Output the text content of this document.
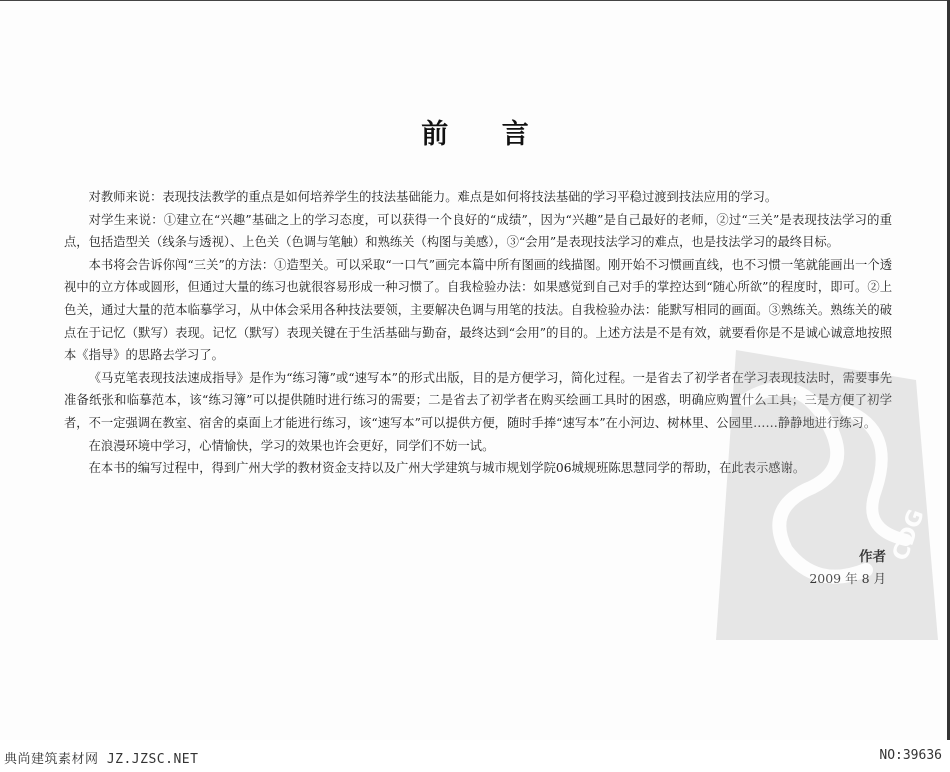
前 言

对教师来说：表现技法教学的重点是如何培养学生的技法基础能力。难点是如何将技法基础的学习平稳过渡到技法应用的学习。

对学生来说：①建立在“兴趣”基础之上的学习态度，可以获得一个良好的“成绩”，因为“兴趣”是自己最好的老师，②过“三关”是表现技法学习的重点，包括造型关（线条与透视）、上色关（色调与笔触）和熟练关（构图与美感），③“会用”是表现技法学习的难点，也是技法学习的最终目标。

本书将会告诉你闯“三关”的方法：①造型关。可以采取“一口气”画完本篇中所有图画的线描图。刚开始不习惯画直线，也不习惯一笔就能画出一个透视中的立方体或圆形，但通过大量的练习也就很容易形成一种习惯了。自我检验办法：如果感觉到自己对手的掌控达到“随心所欲”的程度时，即可。②上色关，通过大量的范本临摹学习，从中体会采用各种技法要领，主要解决色调与用笔的技法。自我检验办法：能默写相同的画面。③熟练关。熟练关的破点在于记忆（默写）表现。记忆（默写）表现关键在于生活基础与勤奋，最终达到“会用”的目的。上述方法是不是有效，就要看你是不是诚心诚意地按照本《指导》的思路去学习了。

《马克笔表现技法速成指导》是作为“练习簿”或“速写本”的形式出版，目的是方便学习，简化过程。一是省去了初学者在学习表现技法时，需要事先准备纸张和临摹范本，该“练习簿”可以提供随时进行练习的需要；二是省去了初学者在购买绘画工具时的困惑，明确应购置什么工具；三是方便了初学者，不一定强调在教室、宿舍的桌面上才能进行练习，该“速写本”可以提供方便，随时手捧“速写本”在小河边、树林里、公园里……静静地进行练习。

在浪漫环境中学习，心情愉快，学习的效果也许会更好，同学们不妨一试。

在本书的编写过程中，得到广州大学的教材资金支持以及广州大学建筑与城市规划学院06城规班陈思慧同学的帮助，在此表示感谢。

作者
2009 年 8 月
CDG
典尚建筑素材网 JZ.JZSC.NET	NO:39636
